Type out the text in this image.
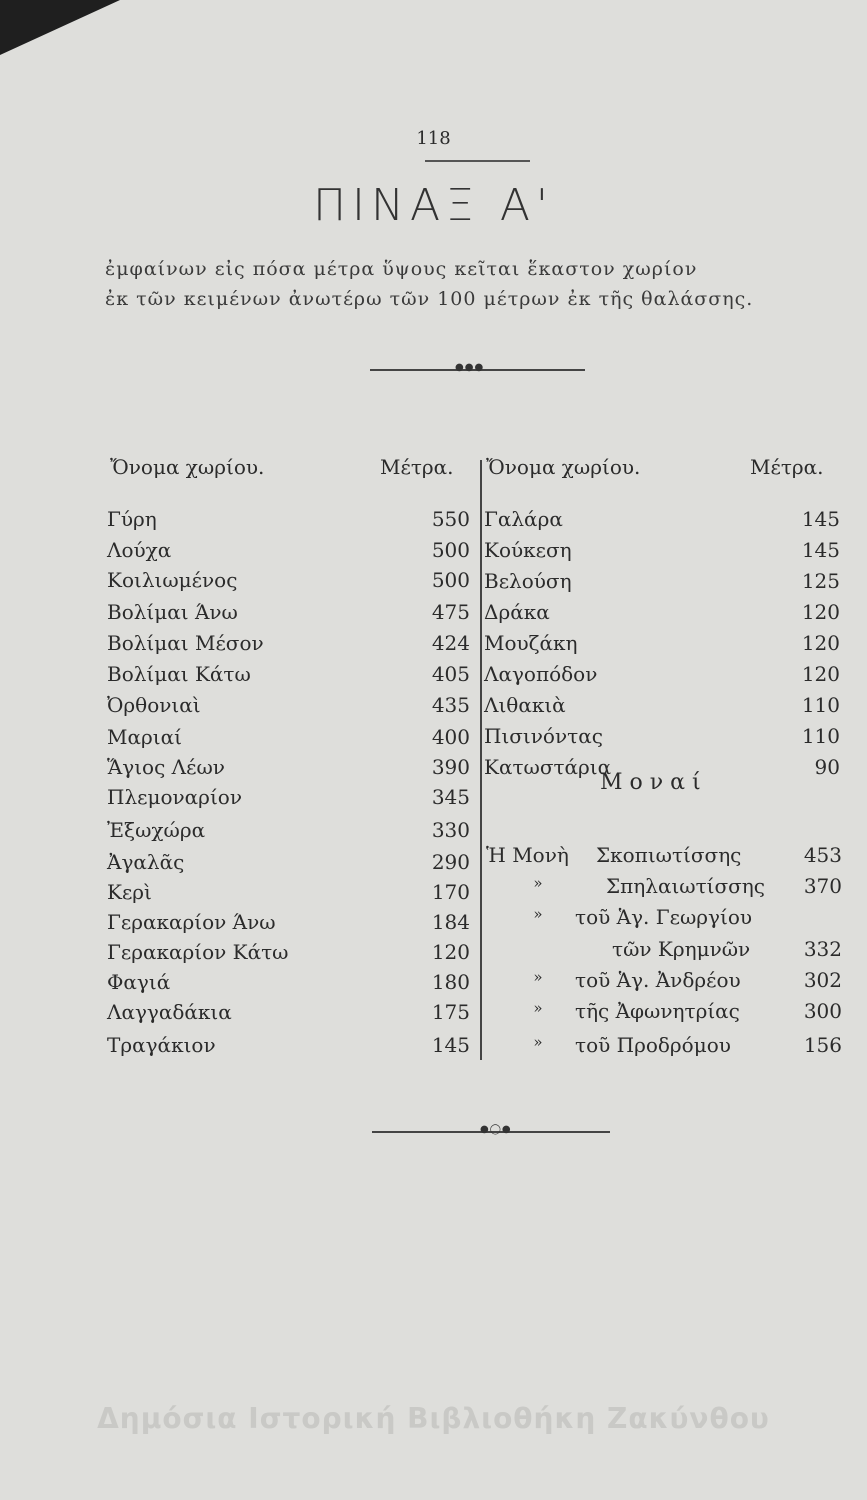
118
ΠΙΝΑΞ Α'
ἐμφαίνων εἰς πόσα μέτρα ὕψους κεῖται ἕκαστον χωρίον
ἐκ τῶν κειμένων ἀνωτέρω τῶν 100 μέτρων ἐκ τῆς θαλάσσης.
●●●
Ὄνομα χωρίου.	Μέτρα. Ὄνομα χωρίου.	Μέτρα.
Γύρη	550
Λούχα	500
Κοιλιωμένος	500
Βολίμαι Άνω	475
Βολίμαι Μέσον	424
Βολίμαι Κάτω	405
Ὀρθονιαὶ	435
Μαριαί	400
Ἅγιος Λέων	390
Πλεμοναρίον	345
Ἐξωχώρα	330
Ἀγαλᾶς	290
Κερὶ	170
Γερακαρίον Άνω	184
Γερακαρίον Κάτω	120
Φαγιά	180
Λαγγαδάκια	175
Τραγάκιον	145
Γαλάρα	145
Κούκεση	145
Βελούση	125
Δράκα	120
Μουζάκη	120
Λαγοπόδον	120
Λιθακιὰ	110
Πισινόντας	110
Κατωστάρια	90
Μοναί
Ἡ Μονὴ Σκοπιωτίσσης	453
»	Σπηλαιωτίσσης	370
»	τοῦ Ἁγ. Γεωργίου
τῶν Κρημνῶν	332
»	τοῦ Ἁγ. Ἀνδρέου	302
»	τῆς Ἀφωνητρίας	300
»	τοῦ Προδρόμου	156
●◯●
Δημόσια Ιστορική Βιβλιοθήκη Ζακύνθου
